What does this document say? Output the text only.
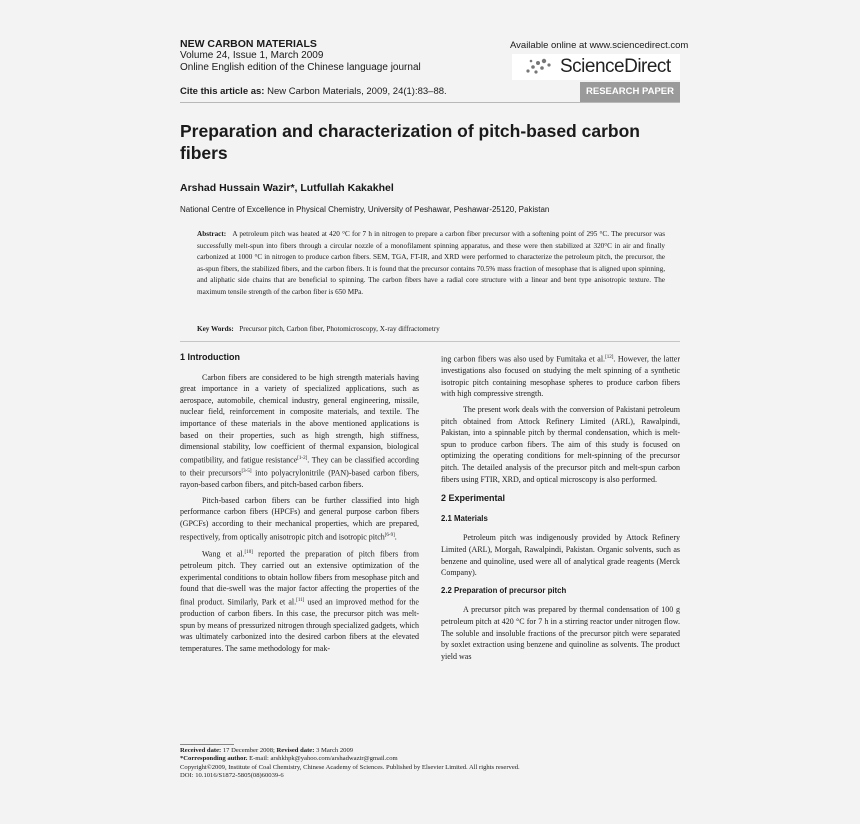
NEW CARBON MATERIALS
Volume 24, Issue 1, March 2009
Online English edition of the Chinese language journal
Cite this article as: New Carbon Materials, 2009, 24(1):83–88.
Available online at www.sciencedirect.com
ScienceDirect
RESEARCH PAPER
Preparation and characterization of pitch-based carbon fibers
Arshad Hussain Wazir*, Lutfullah Kakakhel
National Centre of Excellence in Physical Chemistry, University of Peshawar, Peshawar-25120, Pakistan
Abstract: A petroleum pitch was heated at 420 °C for 7 h in nitrogen to prepare a carbon fiber precursor with a softening point of 295 °C. The precursor was successfully melt-spun into fibers through a circular nozzle of a monofilament spinning apparatus, and these were then stabilized at 320°C in air and finally carbonized at 1000 °C in nitrogen to produce carbon fibers. SEM, TGA, FT-IR, and XRD were performed to characterize the petroleum pitch, the precursor, the as-spun fibers, the stabilized fibers, and the carbon fibers. It is found that the precursor contains 70.5% mass fraction of mesophase that is aligned upon spinning, and aliphatic side chains that are beneficial to spinning. The carbon fibers have a radial core structure with a linear and bent type anisotropic texture. The maximum tensile strength of the carbon fiber is 650 MPa.
Key Words: Precursor pitch, Carbon fiber, Photomicroscopy, X-ray diffractometry

1 Introduction

Carbon fibers are considered to be high strength materials having great importance in a variety of specialized applications, such as aerospace, automobile, chemical industry, general engineering, missile, nuclear field, reinforcement in composite materials, and textile. The importance of these materials in the above mentioned applications is based on their properties, such as high strength, high stiffness, dimensional stability, low coefficient of thermal expansion, biological compatibility, and fatigue resistance[1-2]. They can be classified according to their precursors[3-5] into polyacrylonitrile (PAN)-based carbon fibers, rayon-based carbon fibers, and pitch-based carbon fibers.

Pitch-based carbon fibers can be further classified into high performance carbon fibers (HPCFs) and general purpose carbon fibers (GPCFs) according to their mechanical properties, which are prepared, respectively, from optically anisotropic pitch and isotropic pitch[6-9].

Wang et al.[10] reported the preparation of pitch fibers from petroleum pitch. They carried out an extensive optimization of the experimental conditions to obtain hollow fibers from mesophase pitch and found that die-swell was the major factor affecting the properties of the final product. Similarly, Park et al.[11] used an improved method for the production of carbon fibers. In this case, the precursor pitch was melt-spun by means of pressurized nitrogen through specialized gadgets, which was ultimately carbonized into the desired carbon fibers at the elevated temperatures. The same methodology for mak-

ing carbon fibers was also used by Fumitaka et al.[12]. However, the latter investigations also focused on studying the melt spinning of a synthetic isotropic pitch containing mesophase spheres to produce carbon fibers with high compressive strength.

The present work deals with the conversion of Pakistani petroleum pitch obtained from Attock Refinery Limited (ARL), Rawalpindi, Pakistan, into a spinnable pitch by thermal condensation, which is melt-spun to produce carbon fibers. The aim of this study is focused on optimizing the operating conditions for melt-spinning of the precursor pitch. The detailed analysis of the precursor pitch and melt-spun carbon fibers using FTIR, XRD, and optical microscopy is also performed.

2 Experimental

2.1 Materials

Petroleum pitch was indigenously provided by Attock Refinery Limited (ARL), Morgah, Rawalpindi, Pakistan. Organic solvents, such as benzene and quinoline, used were all of analytical grade reagents (Merck Company).

2.2 Preparation of precursor pitch

A precursor pitch was prepared by thermal condensation of 100 g petroleum pitch at 420 °C for 7 h in a stirring reactor under nitrogen flow. The soluble and insoluble fractions of the precursor pitch were separated by soxlet extraction using benzene and quinoline as solvents. The product yield was

Received date: 17 December 2008; Revised date: 3 March 2009
*Corresponding author. E-mail: arshkhpk@yahoo.com/arshadwazir@gmail.com
Copyright©2009, Institute of Coal Chemistry, Chinese Academy of Sciences. Published by Elsevier Limited. All rights reserved.
DOI: 10.1016/S1872-5805(08)60039-6
